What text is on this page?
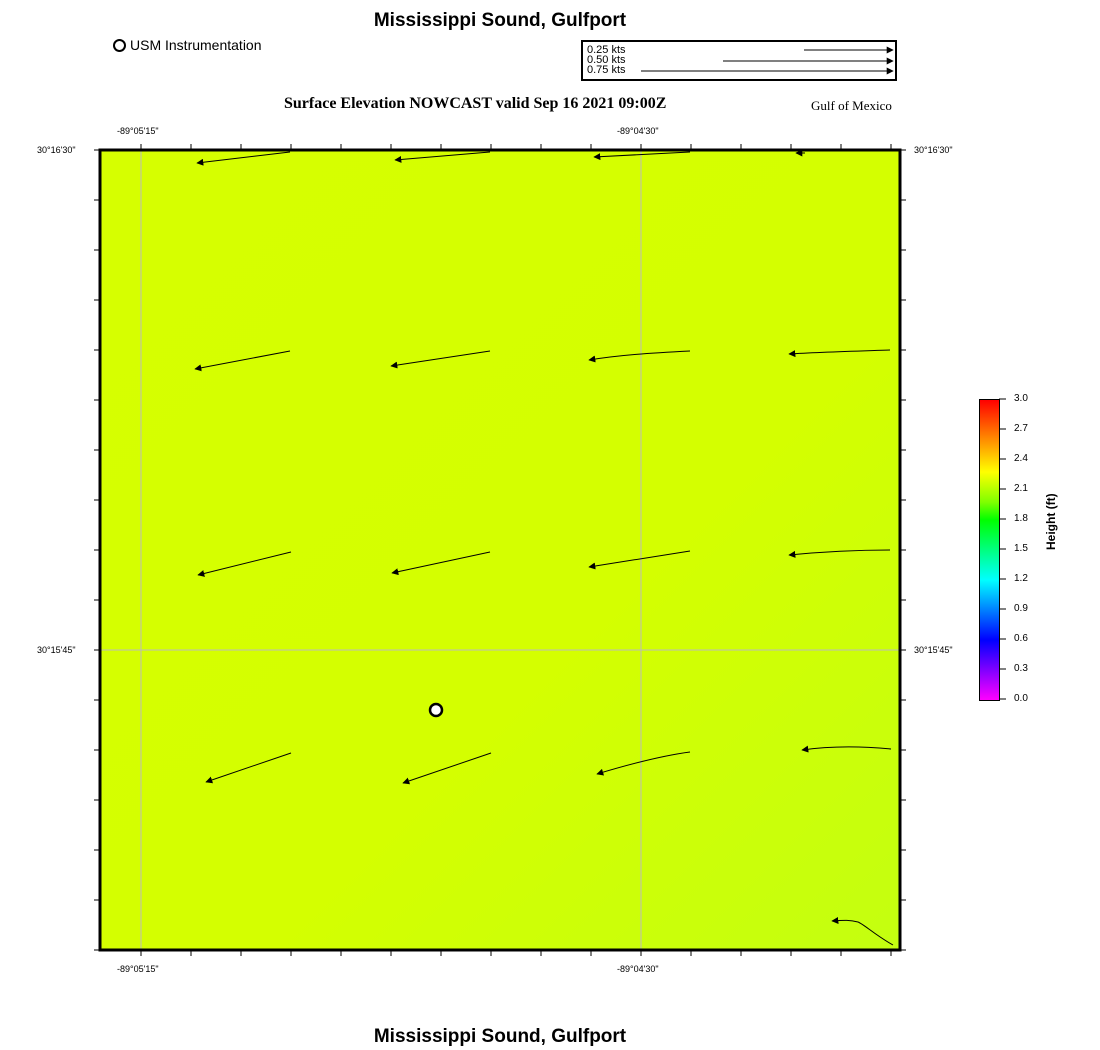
Mississippi Sound, Gulfport
USM Instrumentation	0.25 kts
0.50 kts
0.75 kts
Surface Elevation NOWCAST valid Sep 16 2021 09:00Z	Gulf of Mexico
-89°05'15"	-89°04'30"
-89°05'15"	-89°04'30"
30°16'30"
30°15'45"
30°16'30"
30°15'45"
0.0
0.3
0.6
0.9
1.2
1.5
1.8
2.1
2.4
2.7
3.0
Height (ft)
Mississippi Sound, Gulfport
